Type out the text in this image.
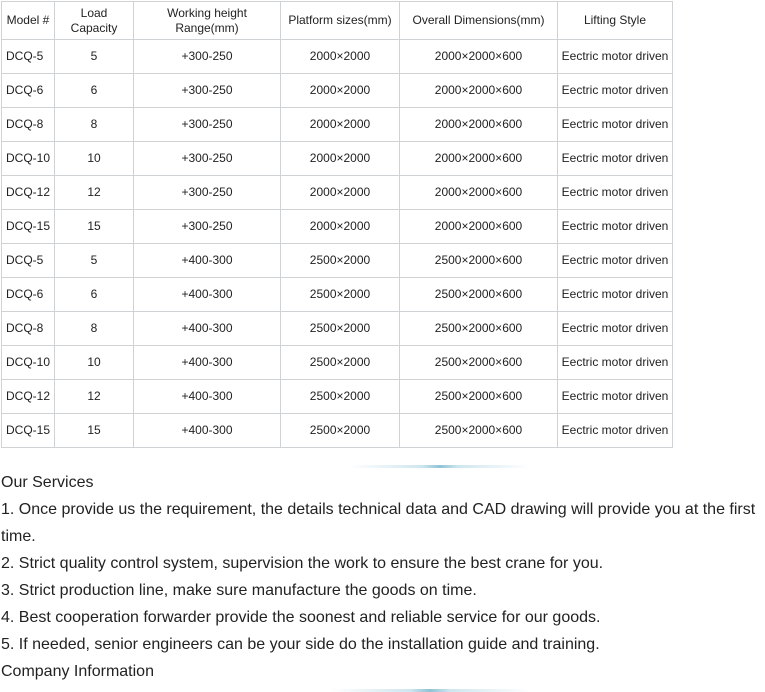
Model #	Load Capacity	Working height Range(mm)	Platform sizes(mm)	Overall Dimensions(mm)	Lifting Style
DCQ-5	5	+300-250	2000×2000	2000×2000×600	Eectric motor driven
DCQ-6	6	+300-250	2000×2000	2000×2000×600	Eectric motor driven
DCQ-8	8	+300-250	2000×2000	2000×2000×600	Eectric motor driven
DCQ-10	10	+300-250	2000×2000	2000×2000×600	Eectric motor driven
DCQ-12	12	+300-250	2000×2000	2000×2000×600	Eectric motor driven
DCQ-15	15	+300-250	2000×2000	2000×2000×600	Eectric motor driven
DCQ-5	5	+400-300	2500×2000	2500×2000×600	Eectric motor driven
DCQ-6	6	+400-300	2500×2000	2500×2000×600	Eectric motor driven
DCQ-8	8	+400-300	2500×2000	2500×2000×600	Eectric motor driven
DCQ-10	10	+400-300	2500×2000	2500×2000×600	Eectric motor driven
DCQ-12	12	+400-300	2500×2000	2500×2000×600	Eectric motor driven
DCQ-15	15	+400-300	2500×2000	2500×2000×600	Eectric motor driven
Our Services
1. Once provide us the requirement, the details technical data and CAD drawing will provide you at the first time.
2. Strict quality control system, supervision the work to ensure the best crane for you.
3. Strict production line, make sure manufacture the goods on time.
4. Best cooperation forwarder provide the soonest and reliable service for our goods.
5. If needed, senior engineers can be your side do the installation guide and training.
Company Information
